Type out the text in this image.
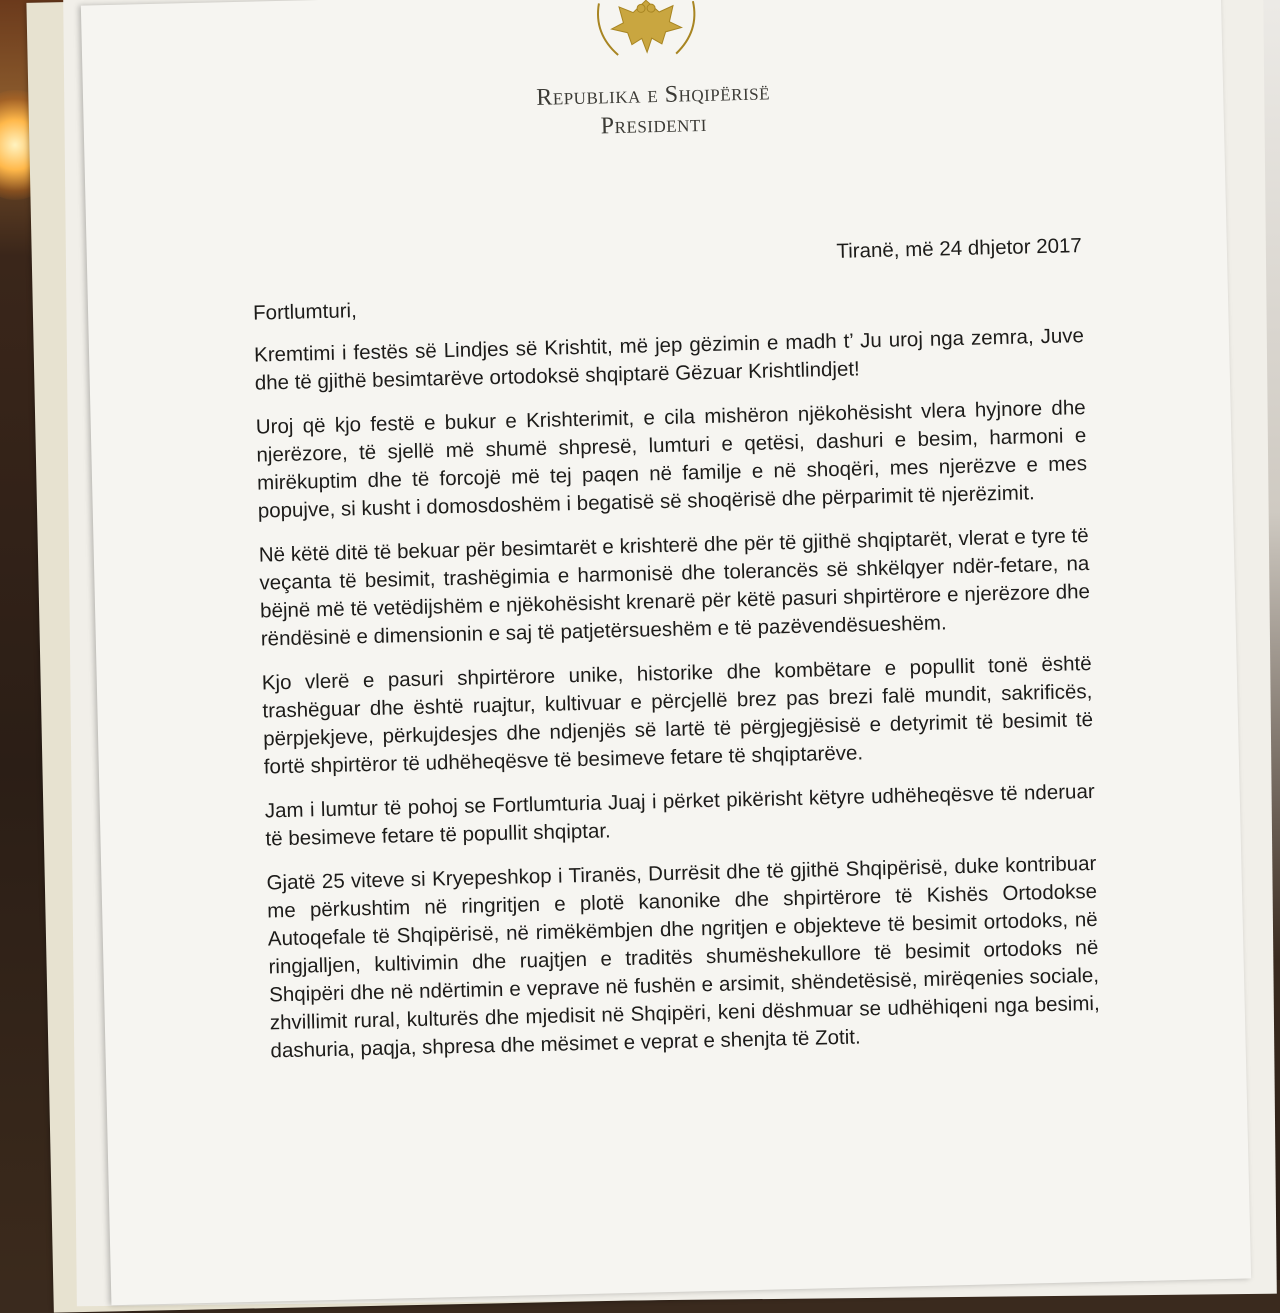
Republika e Shqipërisë
Presidenti

Tiranë, më 24 dhjetor 2017

Fortlumturi,

Kremtimi i festës së Lindjes së Krishtit, më jep gëzimin e madh t’ Ju uroj nga zemra, Juve dhe të gjithë besimtarëve ortodoksë shqiptarë Gëzuar Krishtlindjet!

Uroj që kjo festë e bukur e Krishterimit, e cila mishëron njëkohësisht vlera hyjnore dhe njerëzore, të sjellë më shumë shpresë, lumturi e qetësi, dashuri e besim, harmoni e mirëkuptim dhe të forcojë më tej paqen në familje e në shoqëri, mes njerëzve e mes popujve, si kusht i domosdoshëm i begatisë së shoqërisë dhe përparimit të njerëzimit.

Në këtë ditë të bekuar për besimtarët e krishterë dhe për të gjithë shqiptarët, vlerat e tyre të veçanta të besimit, trashëgimia e harmonisë dhe tolerancës së shkëlqyer ndër-fetare, na bëjnë më të vetëdijshëm e njëkohësisht krenarë për këtë pasuri shpirtërore e njerëzore dhe rëndësinë e dimensionin e saj të patjetërsueshëm e të pazëvendësueshëm.

Kjo vlerë e pasuri shpirtërore unike, historike dhe kombëtare e popullit tonë është trashëguar dhe është ruajtur, kultivuar e përcjellë brez pas brezi falë mundit, sakrificës, përpjekjeve, përkujdesjes dhe ndjenjës së lartë të përgjegjësisë e detyrimit të besimit të fortë shpirtëror të udhëheqësve të besimeve fetare të shqiptarëve.

Jam i lumtur të pohoj se Fortlumturia Juaj i përket pikërisht këtyre udhëheqësve të nderuar të besimeve fetare të popullit shqiptar.

Gjatë 25 viteve si Kryepeshkop i Tiranës, Durrësit dhe të gjithë Shqipërisë, duke kontribuar me përkushtim në ringritjen e plotë kanonike dhe shpirtërore të Kishës Ortodokse Autoqefale të Shqipërisë, në rimëkëmbjen dhe ngritjen e objekteve të besimit ortodoks, në ringjalljen, kultivimin dhe ruajtjen e traditës shumëshekullore të besimit ortodoks në Shqipëri dhe në ndërtimin e veprave në fushën e arsimit, shëndetësisë, mirëqenies sociale, zhvillimit rural, kulturës dhe mjedisit në Shqipëri, keni dëshmuar se udhëhiqeni nga besimi, dashuria, paqja, shpresa dhe mësimet e veprat e shenjta të Zotit.
